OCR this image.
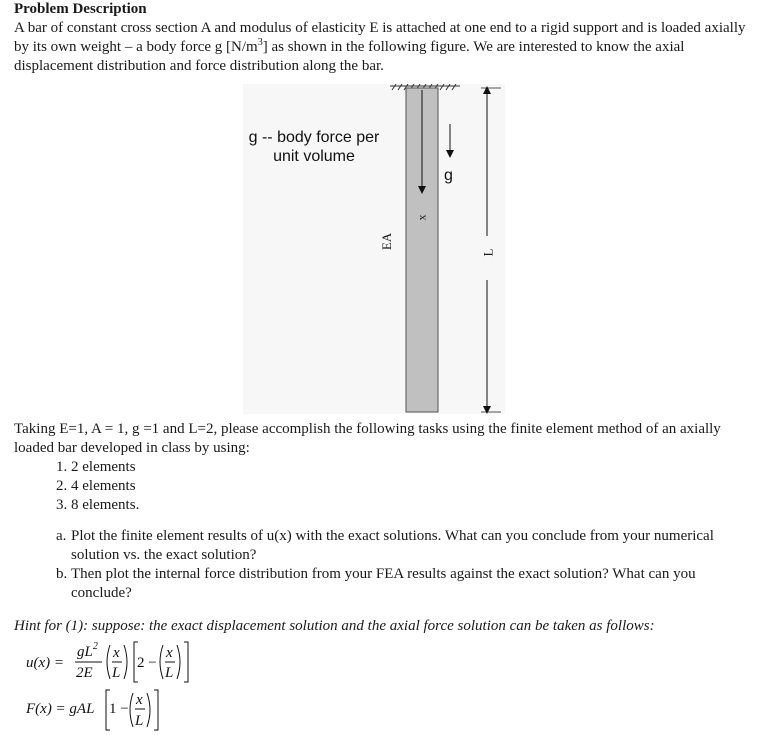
Problem Description
A bar of constant cross section A and modulus of elasticity E is attached at one end to a rigid support and is loaded axially by its own weight – a body force g $[N/m^3]$ as shown in the following figure. We are interested to know the axial displacement distribution and force distribution along the bar.
g -- body force per
unit volume
g
x
EA
L
Taking E=1, A = 1, g =1 and L=2, please accomplish the following tasks using the finite element method of an axially loaded bar developed in class by using:
1. 2 elements
2. 4 elements
3. 8 elements.
a. Plot the finite element results of u(x) with the exact solutions. What can you conclude from your numerical solution vs. the exact solution?
b. Then plot the internal force distribution from your FEA results against the exact solution? What can you conclude?
Hint for (1): suppose: the exact displacement solution and the axial force solution can be taken as follows:
u(x) =
$gL^2$
2E
x
L
2 −
x
L
F(x) = gAL 1 −
x
L
